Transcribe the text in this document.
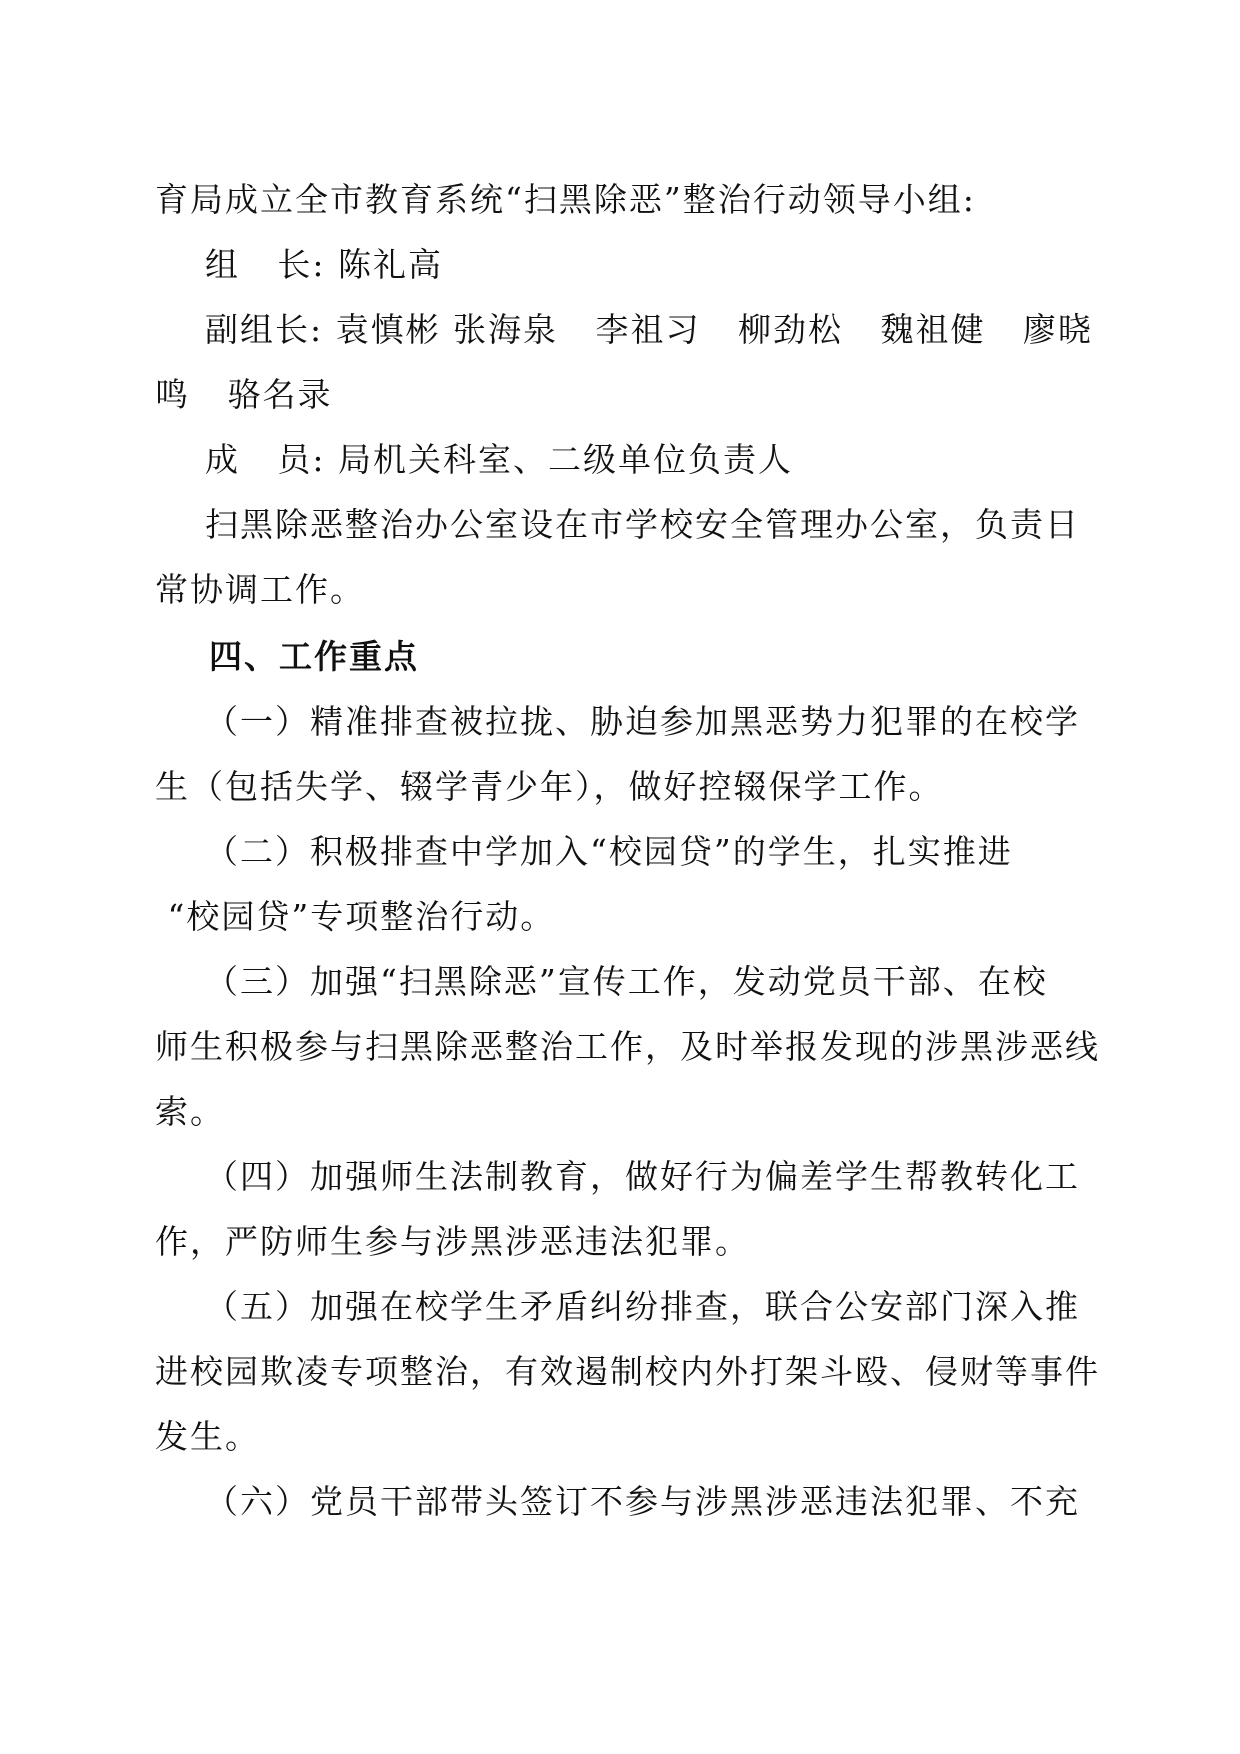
育局成立全市教育系统“扫黑除恶”整治行动领导小组:
组   长: 陈礼高
副组长: 袁慎彬 张海泉   李祖习   柳劲松   魏祖健   廖晓
鸣   骆名录
成   员: 局机关科室、二级单位负责人
扫黑除恶整治办公室设在市学校安全管理办公室，负责日
常协调工作。
四、工作重点
（一）精准排查被拉拢、胁迫参加黑恶势力犯罪的在校学
生（包括失学、辍学青少年），做好控辍保学工作。
（二）积极排查中学加入“校园贷”的学生，扎实推进
“校园贷”专项整治行动。
（三）加强“扫黑除恶”宣传工作，发动党员干部、在校
师生积极参与扫黑除恶整治工作，及时举报发现的涉黑涉恶线
索。
（四）加强师生法制教育，做好行为偏差学生帮教转化工
作，严防师生参与涉黑涉恶违法犯罪。
（五）加强在校学生矛盾纠纷排查，联合公安部门深入推
进校园欺凌专项整治，有效遏制校内外打架斗殴、侵财等事件
发生。
（六）党员干部带头签订不参与涉黑涉恶违法犯罪、不充
